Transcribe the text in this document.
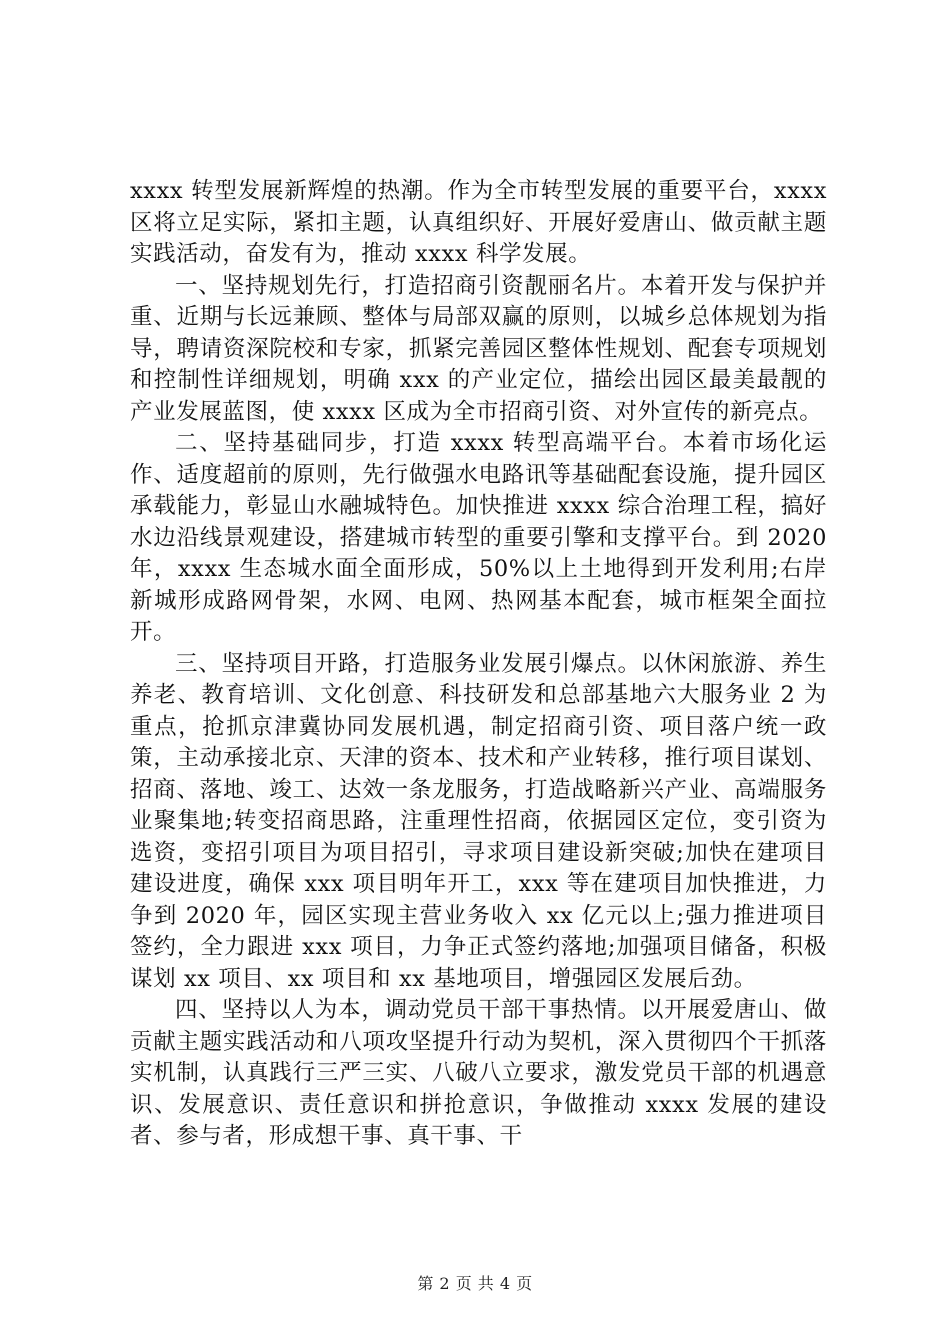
xxxx 转型发展新辉煌的热潮。作为全市转型发展的重要平台，xxxx 区将立足实际，紧扣主题，认真组织好、开展好爱唐山、做贡献主题实践活动，奋发有为，推动 xxxx 科学发展。

一、坚持规划先行，打造招商引资靓丽名片。本着开发与保护并重、近期与长远兼顾、整体与局部双赢的原则，以城乡总体规划为指导，聘请资深院校和专家，抓紧完善园区整体性规划、配套专项规划和控制性详细规划，明确 xxx 的产业定位，描绘出园区最美最靓的产业发展蓝图，使 xxxx 区成为全市招商引资、对外宣传的新亮点。

二、坚持基础同步，打造 xxxx 转型高端平台。本着市场化运作、适度超前的原则，先行做强水电路讯等基础配套设施，提升园区承载能力，彰显山水融城特色。加快推进 xxxx 综合治理工程，搞好水边沿线景观建设，搭建城市转型的重要引擎和支撑平台。到 2020 年，xxxx 生态城水面全面形成，50%以上土地得到开发利用;右岸新城形成路网骨架，水网、电网、热网基本配套，城市框架全面拉开。

三、坚持项目开路，打造服务业发展引爆点。以休闲旅游、养生养老、教育培训、文化创意、科技研发和总部基地六大服务业 2 为重点，抢抓京津冀协同发展机遇，制定招商引资、项目落户统一政策，主动承接北京、天津的资本、技术和产业转移，推行项目谋划、招商、落地、竣工、达效一条龙服务，打造战略新兴产业、高端服务业聚集地;转变招商思路，注重理性招商，依据园区定位，变引资为选资，变招引项目为项目招引，寻求项目建设新突破;加快在建项目建设进度，确保 xxx 项目明年开工，xxx 等在建项目加快推进，力争到 2020 年，园区实现主营业务收入 xx 亿元以上;强力推进项目签约，全力跟进 xxx 项目，力争正式签约落地;加强项目储备，积极谋划 xx 项目、xx 项目和 xx 基地项目，增强园区发展后劲。

四、坚持以人为本，调动党员干部干事热情。以开展爱唐山、做贡献主题实践活动和八项攻坚提升行动为契机，深入贯彻四个干抓落实机制，认真践行三严三实、八破八立要求，激发党员干部的机遇意识、发展意识、责任意识和拼抢意识，争做推动 xxxx 发展的建设者、参与者，形成想干事、真干事、干

第 2 页 共 4 页
